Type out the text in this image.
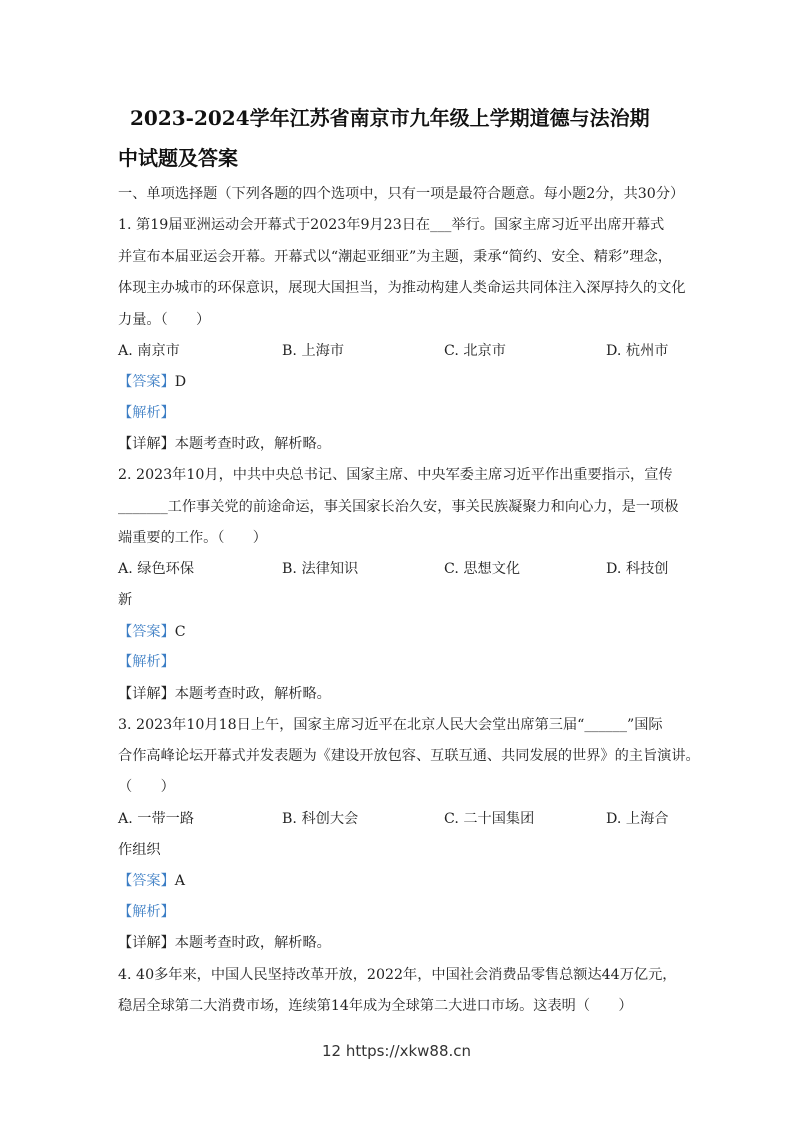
2023-2024学年江苏省南京市九年级上学期道德与法治期
中试题及答案
一、单项选择题（下列各题的四个选项中，只有一项是最符合题意。每小题2分，共30分）
1. 第19届亚洲运动会开幕式于2023年9月23日在___举行。国家主席习近平出席开幕式
并宣布本届亚运会开幕。开幕式以“潮起亚细亚”为主题，秉承“简约、安全、精彩”理念，
体现主办城市的环保意识，展现大国担当，为推动构建人类命运共同体注入深厚持久的文化
力量。（　　）
A. 南京市	B. 上海市	C. 北京市	D. 杭州市
【答案】D
【解析】
【详解】本题考查时政，解析略。
2. 2023年10月，中共中央总书记、国家主席、中央军委主席习近平作出重要指示，宣传
_______工作事关党的前途命运，事关国家长治久安，事关民族凝聚力和向心力，是一项极
端重要的工作。（　　）
A. 绿色环保	B. 法律知识	C. 思想文化	D. 科技创
新
【答案】C
【解析】
【详解】本题考查时政，解析略。
3. 2023年10月18日上午，国家主席习近平在北京人民大会堂出席第三届“______”国际
合作高峰论坛开幕式并发表题为《建设开放包容、互联互通、共同发展的世界》的主旨演讲。
（　　）
A. 一带一路	B. 科创大会	C. 二十国集团	D. 上海合
作组织
【答案】A
【解析】
【详解】本题考查时政，解析略。
4. 40多年来，中国人民坚持改革开放，2022年，中国社会消费品零售总额达44万亿元，
稳居全球第二大消费市场，连续第14年成为全球第二大进口市场。这表明（　　）
12 https://xkw88.cn
